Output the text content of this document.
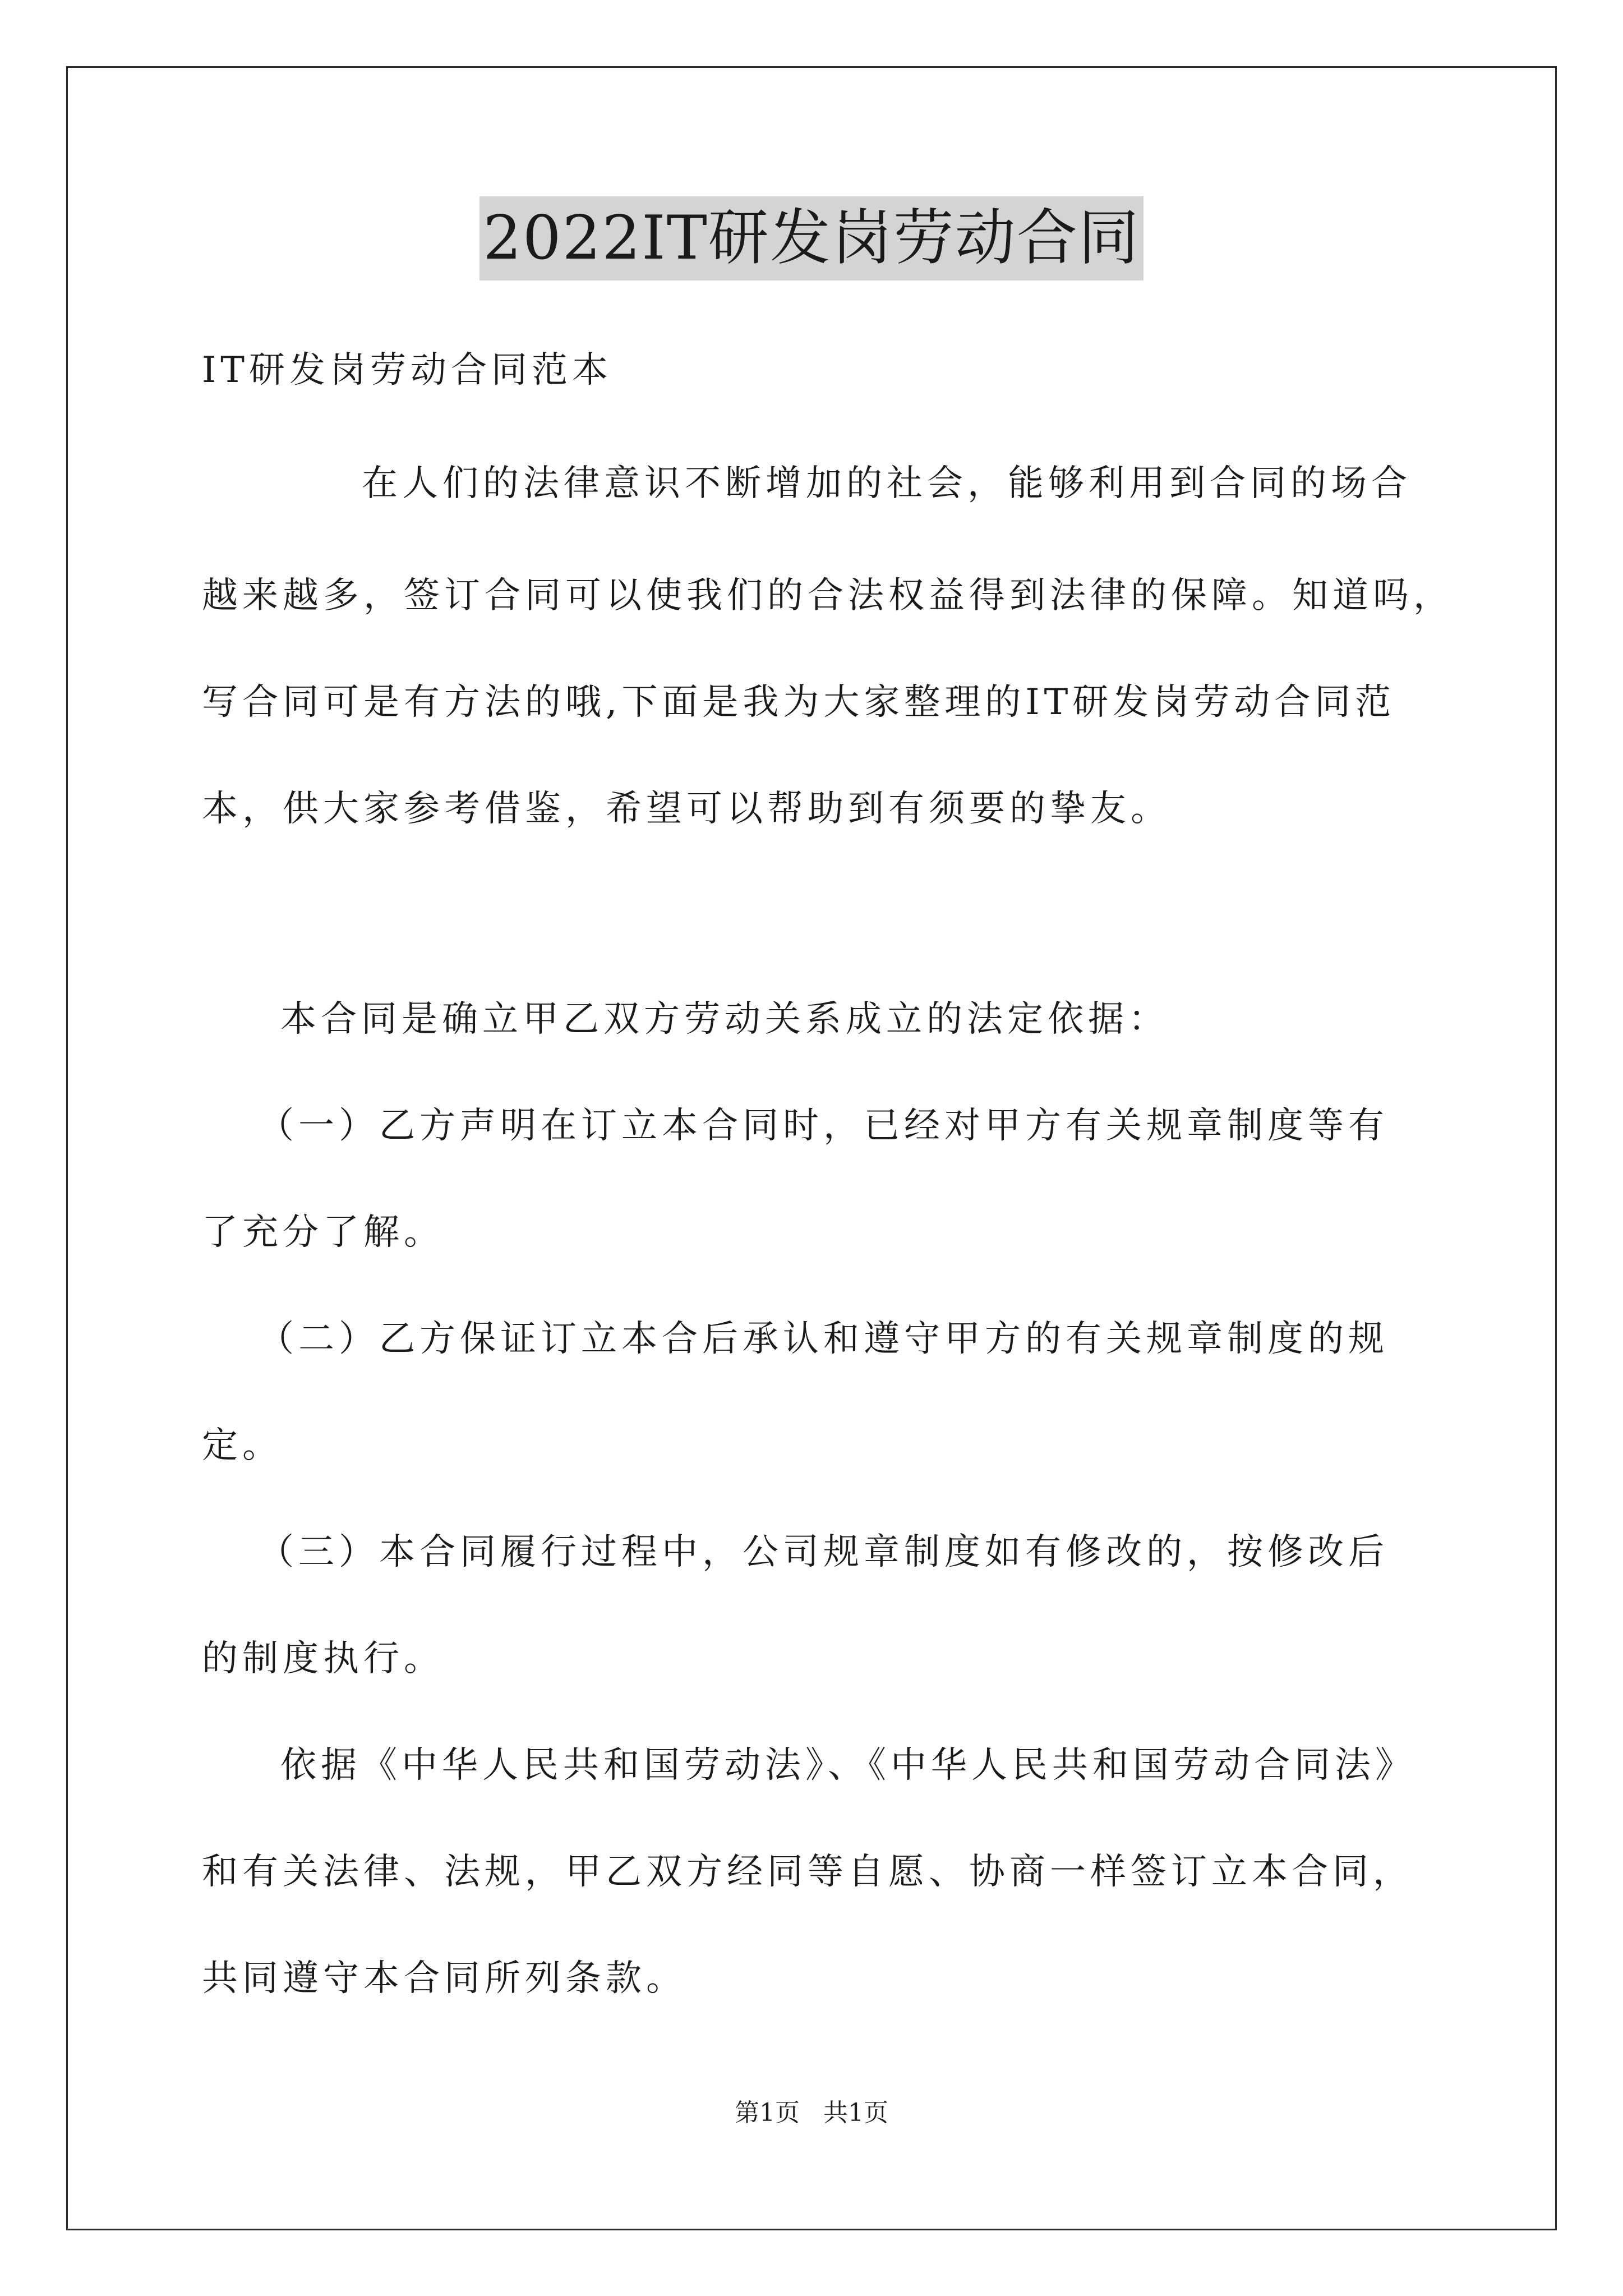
2022IT研发岗劳动合同
IT研发岗劳动合同范本
在人们的法律意识不断增加的社会，能够利用到合同的场合
越来越多，签订合同可以使我们的合法权益得到法律的保障。知道吗，
写合同可是有方法的哦,下面是我为大家整理的IT研发岗劳动合同范
本，供大家参考借鉴，希望可以帮助到有须要的挚友。
本合同是确立甲乙双方劳动关系成立的法定依据：
（一）乙方声明在订立本合同时，已经对甲方有关规章制度等有
了充分了解。
（二）乙方保证订立本合后承认和遵守甲方的有关规章制度的规
定。
（三）本合同履行过程中，公司规章制度如有修改的，按修改后
的制度执行。
依据《中华人民共和国劳动法》、《中华人民共和国劳动合同法》
和有关法律、法规，甲乙双方经同等自愿、协商一样签订立本合同，
共同遵守本合同所列条款。
第1页 共1页
